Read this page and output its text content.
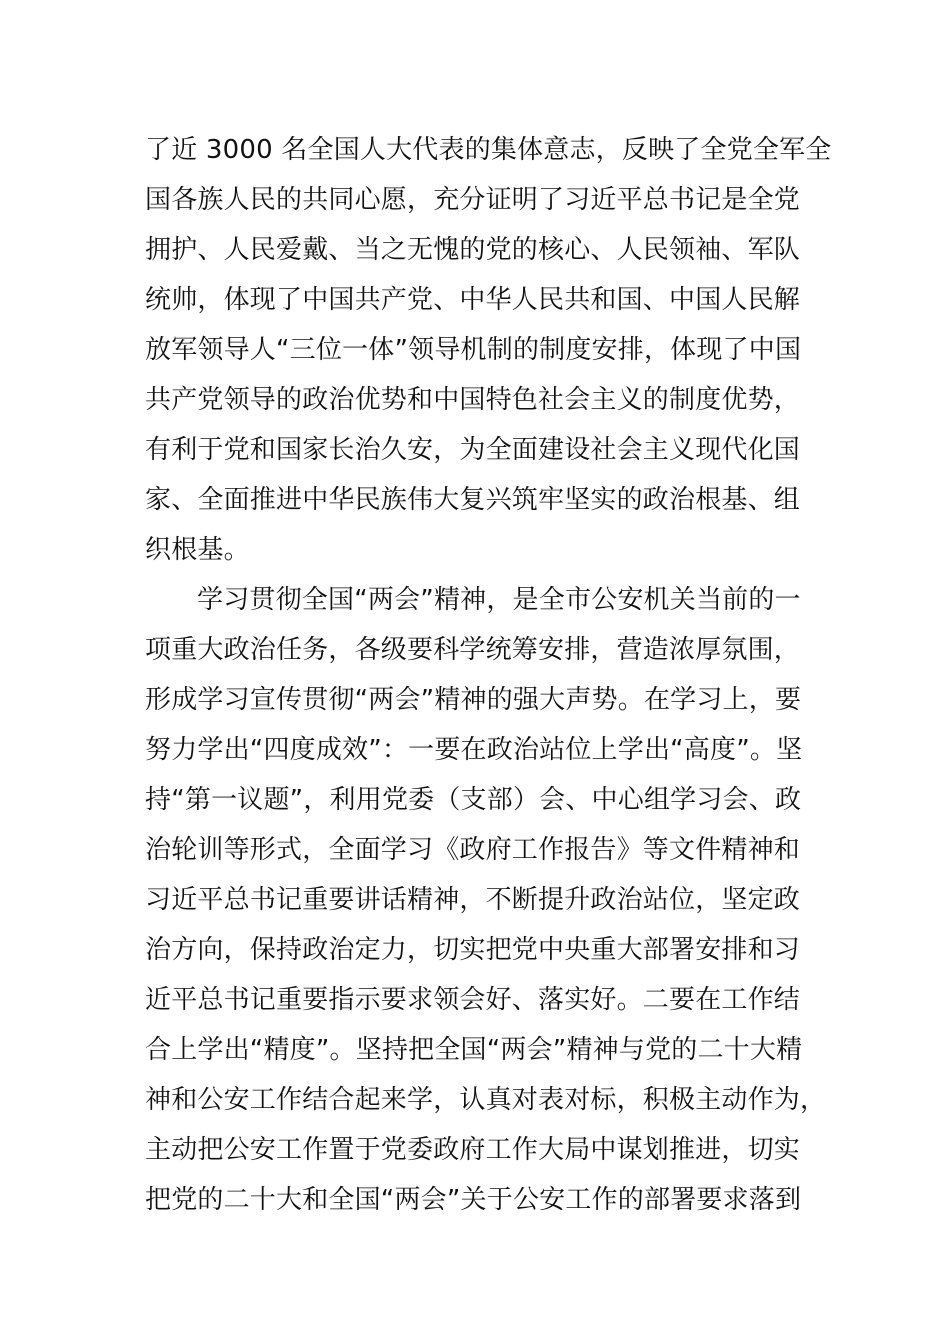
了近 3000 名全国人大代表的集体意志，反映了全党全军全
国各族人民的共同心愿，充分证明了习近平总书记是全党
拥护、人民爱戴、当之无愧的党的核心、人民领袖、军队
统帅，体现了中国共产党、中华人民共和国、中国人民解
放军领导人“三位一体”领导机制的制度安排，体现了中国
共产党领导的政治优势和中国特色社会主义的制度优势，
有利于党和国家长治久安，为全面建设社会主义现代化国
家、全面推进中华民族伟大复兴筑牢坚实的政治根基、组
织根基。
学习贯彻全国“两会”精神，是全市公安机关当前的一
项重大政治任务，各级要科学统筹安排，营造浓厚氛围，
形成学习宣传贯彻“两会”精神的强大声势。在学习上，要
努力学出“四度成效”：一要在政治站位上学出“高度”。坚
持“第一议题”，利用党委（支部）会、中心组学习会、政
治轮训等形式，全面学习《政府工作报告》等文件精神和
习近平总书记重要讲话精神，不断提升政治站位，坚定政
治方向，保持政治定力，切实把党中央重大部署安排和习
近平总书记重要指示要求领会好、落实好。二要在工作结
合上学出“精度”。坚持把全国“两会”精神与党的二十大精
神和公安工作结合起来学，认真对表对标，积极主动作为，
主动把公安工作置于党委政府工作大局中谋划推进，切实
把党的二十大和全国“两会”关于公安工作的部署要求落到
